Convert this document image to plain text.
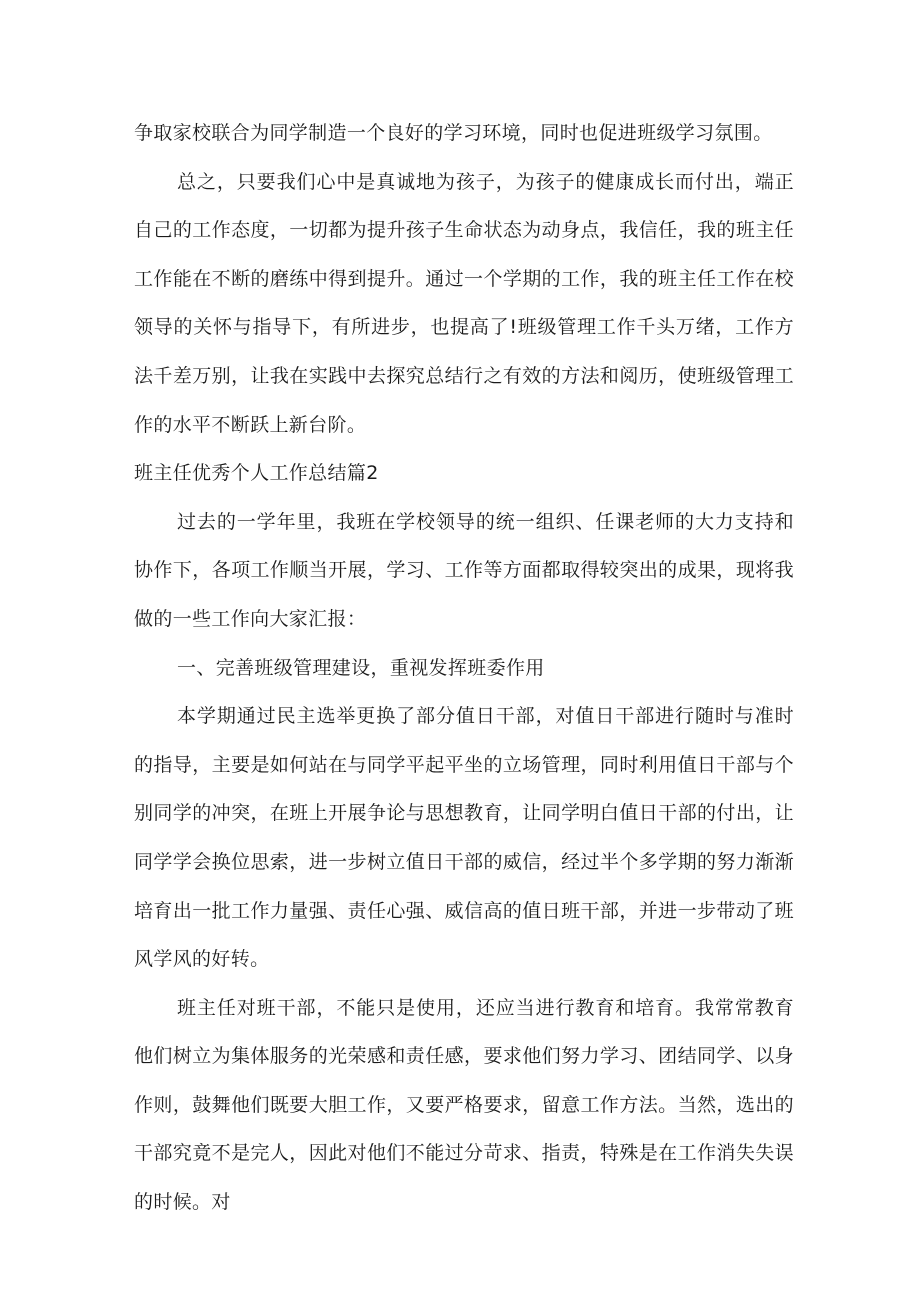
争取家校联合为同学制造一个良好的学习环境，同时也促进班级学习氛围。

总之，只要我们心中是真诚地为孩子，为孩子的健康成长而付出，端正自己的工作态度，一切都为提升孩子生命状态为动身点，我信任，我的班主任工作能在不断的磨练中得到提升。通过一个学期的工作，我的班主任工作在校领导的关怀与指导下，有所进步，也提高了!班级管理工作千头万绪，工作方法千差万别，让我在实践中去探究总结行之有效的方法和阅历，使班级管理工作的水平不断跃上新台阶。

班主任优秀个人工作总结篇2

过去的一学年里，我班在学校领导的统一组织、任课老师的大力支持和协作下，各项工作顺当开展，学习、工作等方面都取得较突出的成果，现将我做的一些工作向大家汇报：

一、完善班级管理建设，重视发挥班委作用

本学期通过民主选举更换了部分值日干部，对值日干部进行随时与准时的指导，主要是如何站在与同学平起平坐的立场管理，同时利用值日干部与个别同学的冲突，在班上开展争论与思想教育，让同学明白值日干部的付出，让同学学会换位思索，进一步树立值日干部的威信，经过半个多学期的努力渐渐培育出一批工作力量强、责任心强、威信高的值日班干部，并进一步带动了班风学风的好转。

班主任对班干部，不能只是使用，还应当进行教育和培育。我常常教育他们树立为集体服务的光荣感和责任感，要求他们努力学习、团结同学、以身作则，鼓舞他们既要大胆工作，又要严格要求，留意工作方法。当然，选出的干部究竟不是完人，因此对他们不能过分苛求、指责，特殊是在工作消失失误的时候。对
